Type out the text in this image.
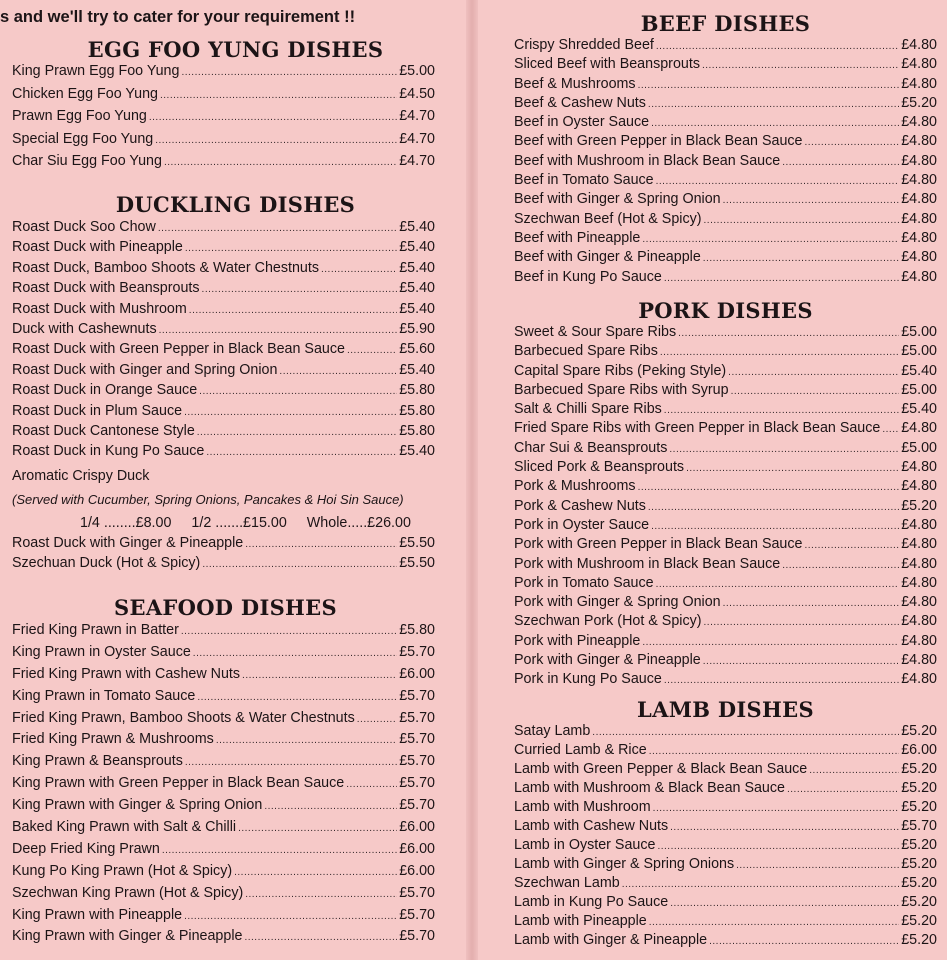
s and we'll try to cater for your requirement !!
EGG FOO YUNG DISHES
King Prawn Egg Foo Yung .....	£5.00
Chicken Egg Foo Yung .....	£4.50
Prawn Egg Foo Yung .....	£4.70
Special Egg Foo Yung .....	£4.70
Char Siu Egg Foo Yung .....	£4.70
DUCKLING DISHES
Roast Duck Soo Chow .....	£5.40
Roast Duck with Pineapple .....	£5.40
Roast Duck, Bamboo Shoots & Water Chestnuts .....	£5.40
Roast Duck with Beansprouts .....	£5.40
Roast Duck with Mushroom .....	£5.40
Duck with Cashewnuts .....	£5.90
Roast Duck with Green Pepper in Black Bean Sauce .....	£5.60
Roast Duck with Ginger and Spring Onion .....	£5.40
Roast Duck in Orange Sauce .....	£5.80
Roast Duck in Plum Sauce .....	£5.80
Roast Duck Cantonese Style .....	£5.80
Roast Duck in Kung Po Sauce .....	£5.40
Aromatic Crispy Duck
(Served with Cucumber, Spring Onions, Pancakes & Hoi Sin Sauce)
1/4 ........£8.00 1/2 .......£15.00 Whole.....£26.00
Roast Duck with Ginger & Pineapple .....	£5.50
Szechuan Duck (Hot & Spicy) .....	£5.50
SEAFOOD DISHES
Fried King Prawn in Batter .....	£5.80
King Prawn in Oyster Sauce .....	£5.70
Fried King Prawn with Cashew Nuts .....	£6.00
King Prawn in Tomato Sauce .....	£5.70
Fried King Prawn, Bamboo Shoots & Water Chestnuts .....	£5.70
Fried King Prawn & Mushrooms .....	£5.70
King Prawn & Beansprouts .....	£5.70
King Prawn with Green Pepper in Black Bean Sauce .....	£5.70
King Prawn with Ginger & Spring Onion .....	£5.70
Baked King Prawn with Salt & Chilli .....	£6.00
Deep Fried King Prawn .....	£6.00
Kung Po King Prawn (Hot & Spicy) .....	£6.00
Szechwan King Prawn (Hot & Spicy) .....	£5.70
King Prawn with Pineapple .....	£5.70
King Prawn with Ginger & Pineapple .....	£5.70
BEEF DISHES
Crispy Shredded Beef .....	£4.80
Sliced Beef with Beansprouts .....	£4.80
Beef & Mushrooms .....	£4.80
Beef & Cashew Nuts .....	£5.20
Beef in Oyster Sauce .....	£4.80
Beef with Green Pepper in Black Bean Sauce .....	£4.80
Beef with Mushroom in Black Bean Sauce .....	£4.80
Beef in Tomato Sauce .....	£4.80
Beef with Ginger & Spring Onion .....	£4.80
Szechwan Beef (Hot & Spicy) .....	£4.80
Beef with Pineapple .....	£4.80
Beef with Ginger & Pineapple .....	£4.80
Beef in Kung Po Sauce .....	£4.80
PORK DISHES
Sweet & Sour Spare Ribs .....	£5.00
Barbecued Spare Ribs .....	£5.00
Capital Spare Ribs (Peking Style) .....	£5.40
Barbecued Spare Ribs with Syrup .....	£5.00
Salt & Chilli Spare Ribs .....	£5.40
Fried Spare Ribs with Green Pepper in Black Bean Sauce ..... £4.80
Char Sui & Beansprouts .....	£5.00
Sliced Pork & Beansprouts .....	£4.80
Pork & Mushrooms .....	£4.80
Pork & Cashew Nuts .....	£5.20
Pork in Oyster Sauce .....	£4.80
Pork with Green Pepper in Black Bean Sauce .....	£4.80
Pork with Mushroom in Black Bean Sauce .....	£4.80
Pork in Tomato Sauce .....	£4.80
Pork with Ginger & Spring Onion .....	£4.80
Szechwan Pork (Hot & Spicy) .....	£4.80
Pork with Pineapple .....	£4.80
Pork with Ginger & Pineapple .....	£4.80
Pork in Kung Po Sauce .....	£4.80
LAMB DISHES
Satay Lamb .....	£5.20
Curried Lamb & Rice .....	£6.00
Lamb with Green Pepper & Black Bean Sauce .....	£5.20
Lamb with Mushroom & Black Bean Sauce .....	£5.20
Lamb with Mushroom .....	£5.20
Lamb with Cashew Nuts .....	£5.70
Lamb in Oyster Sauce .....	£5.20
Lamb with Ginger & Spring Onions .....	£5.20
Szechwan Lamb .....	£5.20
Lamb in Kung Po Sauce .....	£5.20
Lamb with Pineapple .....	£5.20
Lamb with Ginger & Pineapple .....	£5.20
